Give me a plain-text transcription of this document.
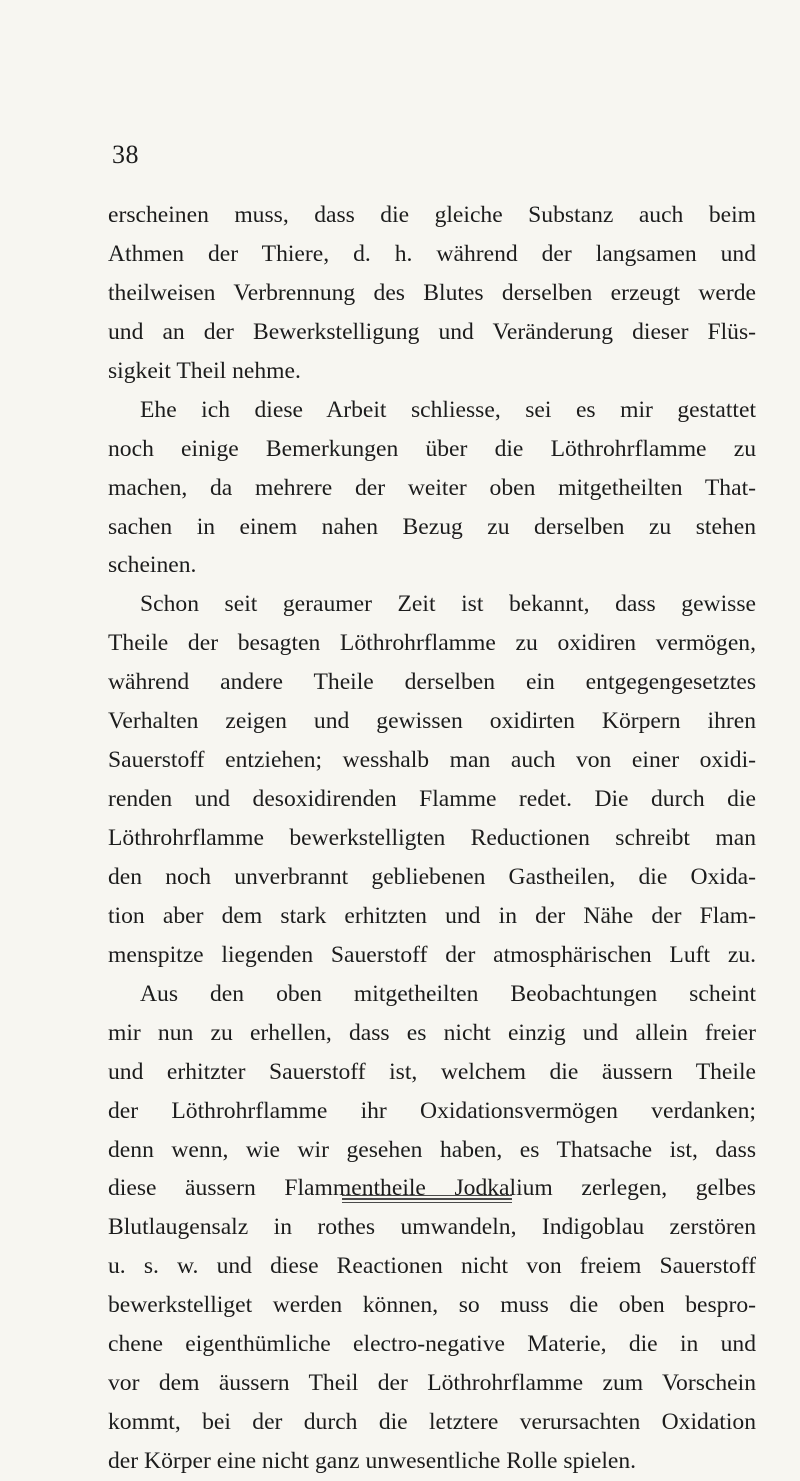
38
erscheinen muss, dass die gleiche Substanz auch beim
Athmen der Thiere, d. h. während der langsamen und
theilweisen Verbrennung des Blutes derselben erzeugt werde
und an der Bewerkstelligung und Veränderung dieser Flüs-
sigkeit Theil nehme.
Ehe ich diese Arbeit schliesse, sei es mir gestattet
noch einige Bemerkungen über die Löthrohrflamme zu
machen, da mehrere der weiter oben mitgetheilten That-
sachen in einem nahen Bezug zu derselben zu stehen
scheinen.
Schon seit geraumer Zeit ist bekannt, dass gewisse
Theile der besagten Löthrohrflamme zu oxidiren vermögen,
während andere Theile derselben ein entgegengesetztes
Verhalten zeigen und gewissen oxidirten Körpern ihren
Sauerstoff entziehen; wesshalb man auch von einer oxidi-
renden und desoxidirenden Flamme redet. Die durch die
Löthrohrflamme bewerkstelligten Reductionen schreibt man
den noch unverbrannt gebliebenen Gastheilen, die Oxida-
tion aber dem stark erhitzten und in der Nähe der Flam-
menspitze liegenden Sauerstoff der atmosphärischen Luft zu.
Aus den oben mitgetheilten Beobachtungen scheint
mir nun zu erhellen, dass es nicht einzig und allein freier
und erhitzter Sauerstoff ist, welchem die äussern Theile
der Löthrohrflamme ihr Oxidationsvermögen verdanken;
denn wenn, wie wir gesehen haben, es Thatsache ist, dass
diese äussern Flammentheile Jodkalium zerlegen, gelbes
Blutlaugensalz in rothes umwandeln, Indigoblau zerstören
u. s. w. und diese Reactionen nicht von freiem Sauerstoff
bewerkstelliget werden können, so muss die oben bespro-
chene eigenthümliche electro-negative Materie, die in und
vor dem äussern Theil der Löthrohrflamme zum Vorschein
kommt, bei der durch die letztere verursachten Oxidation
der Körper eine nicht ganz unwesentliche Rolle spielen.
